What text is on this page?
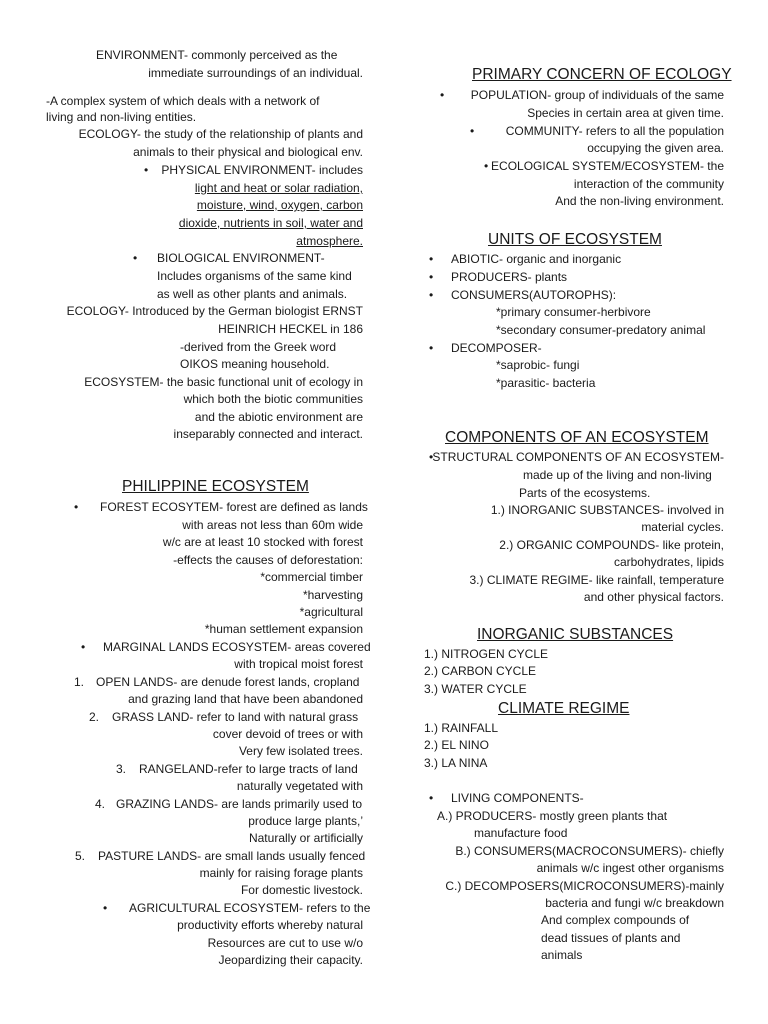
ENVIRONMENT- commonly perceived as the
immediate surroundings of an individual.
-A complex system of which deals with a network of
living and non-living entities.
ECOLOGY- the study of the relationship of plants and
animals to their physical and biological env.
• PHYSICAL ENVIRONMENT- includes
light and heat or solar radiation,
moisture, wind, oxygen, carbon
dioxide, nutrients in soil, water and
atmosphere.
• BIOLOGICAL ENVIRONMENT-
Includes organisms of the same kind
as well as other plants and animals.
ECOLOGY- Introduced by the German biologist ERNST
HEINRICH HECKEL in 186
-derived from the Greek word
OIKOS meaning household.
ECOSYSTEM- the basic functional unit of ecology in
which both the biotic communities
and the abiotic environment are
inseparably connected and interact.
PHILIPPINE ECOSYSTEM
• FOREST ECOSYTEM- forest are defined as lands
with areas not less than 60m wide
w/c are at least 10 stocked with forest
-effects the causes of deforestation:
*commercial timber
*harvesting
*agricultural
*human settlement expansion
• MARGINAL LANDS ECOSYSTEM- areas covered
with tropical moist forest
1. OPEN LANDS- are denude forest lands, cropland
and grazing land that have been abandoned
2. GRASS LAND- refer to land with natural grass
cover devoid of trees or with
Very few isolated trees.
3. RANGELAND-refer to large tracts of land
naturally vegetated with
4. GRAZING LANDS- are lands primarily used to
produce large plants,’
Naturally or artificially
5. PASTURE LANDS- are small lands usually fenced
mainly for raising forage plants
For domestic livestock.
• AGRICULTURAL ECOSYSTEM- refers to the
productivity efforts whereby natural
Resources are cut to use w/o
Jeopardizing their capacity.
PRIMARY CONCERN OF ECOLOGY
• POPULATION- group of individuals of the same
Species in certain area at given time.
•	COMMUNITY- refers to all the population
occupying the given area.
• ECOLOGICAL SYSTEM/ECOSYSTEM- the
interaction of the community
And the non-living environment.
UNITS OF ECOSYSTEM
• ABIOTIC- organic and inorganic
• PRODUCERS- plants
• CONSUMERS(AUTOROPHS):
*primary consumer-herbivore
*secondary consumer-predatory animal
• DECOMPOSER-
*saprobic- fungi
*parasitic- bacteria
COMPONENTS OF AN ECOSYSTEM
• STRUCTURAL COMPONENTS OF AN ECOSYSTEM-
made up of the living and non-living
Parts of the ecosystems.
1.) INORGANIC SUBSTANCES- involved in
material cycles.
2.) ORGANIC COMPOUNDS- like protein,
carbohydrates, lipids
3.) CLIMATE REGIME- like rainfall, temperature
and other physical factors.
INORGANIC SUBSTANCES
1.) NITROGEN CYCLE
2.) CARBON CYCLE
3.) WATER CYCLE
CLIMATE REGIME
1.) RAINFALL
2.) EL NINO
3.) LA NINA
• LIVING COMPONENTS-
A.) PRODUCERS- mostly green plants that
manufacture food
B.) CONSUMERS(MACROCONSUMERS)- chiefly
animals w/c ingest other organisms
C.) DECOMPOSERS(MICROCONSUMERS)-mainly
bacteria and fungi w/c breakdown
And complex compounds of
dead tissues of plants and
animals
